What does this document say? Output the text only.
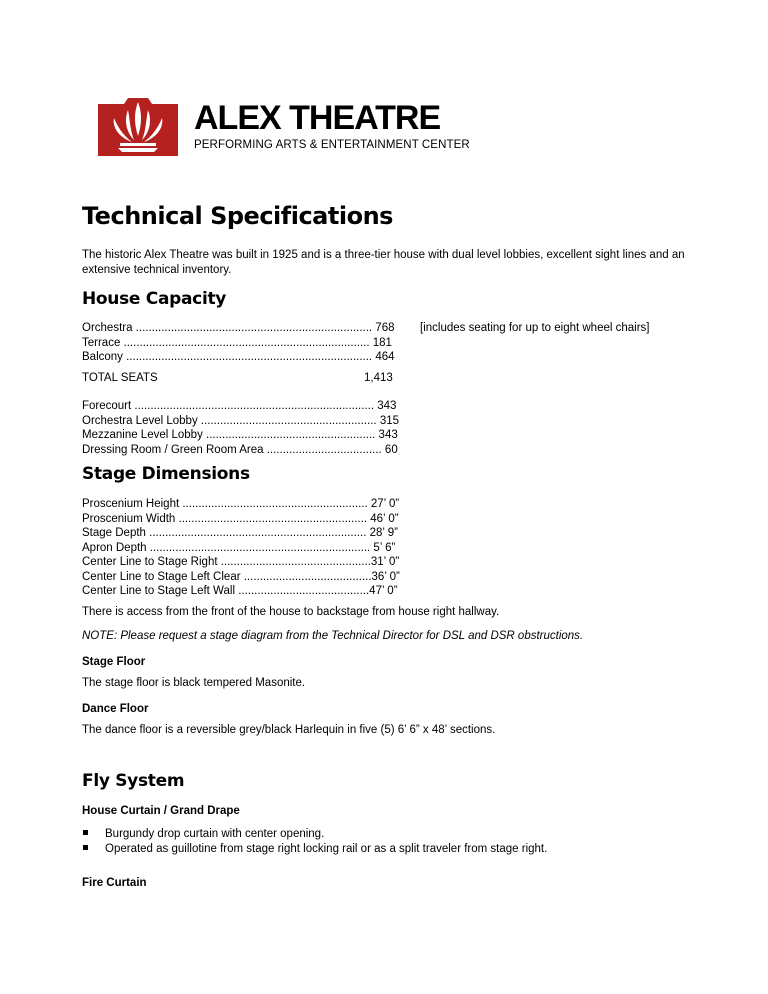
ALEX THEATRE
PERFORMING ARTS & ENTERTAINMENT CENTER
Technical Specifications

The historic Alex Theatre was built in 1925 and is a three-tier house with dual level lobbies, excellent sight lines and an extensive technical inventory.

House Capacity
Orchestra .......................................................................... 768
Terrace ............................................................................. 181
Balcony ............................................................................. 464
[includes seating for up to eight wheel chairs]
TOTAL SEATS	1,413
Forecourt ........................................................................... 343
Orchestra Level Lobby ....................................................... 315
Mezzanine Level Lobby ..................................................... 343
Dressing Room / Green Room Area .................................... 60
Stage Dimensions
Proscenium Height .......................................................... 27’ 0”
Proscenium Width ........................................................... 46’ 0”
Stage Depth .................................................................... 28’ 9”
Apron Depth ..................................................................... 5’ 6”
Center Line to Stage Right ...............................................31’ 0”
Center Line to Stage Left Clear ........................................36’ 0”
Center Line to Stage Left Wall .........................................47’ 0”
There is access from the front of the house to backstage from house right hallway.
NOTE: Please request a stage diagram from the Technical Director for DSL and DSR obstructions.
Stage Floor
The stage floor is black tempered Masonite.
Dance Floor
The dance floor is a reversible grey/black Harlequin in five (5) 6’ 6” x 48’ sections.
Fly System
House Curtain / Grand Drape
Burgundy drop curtain with center opening.
Operated as guillotine from stage right locking rail or as a split traveler from stage right.
Fire Curtain
